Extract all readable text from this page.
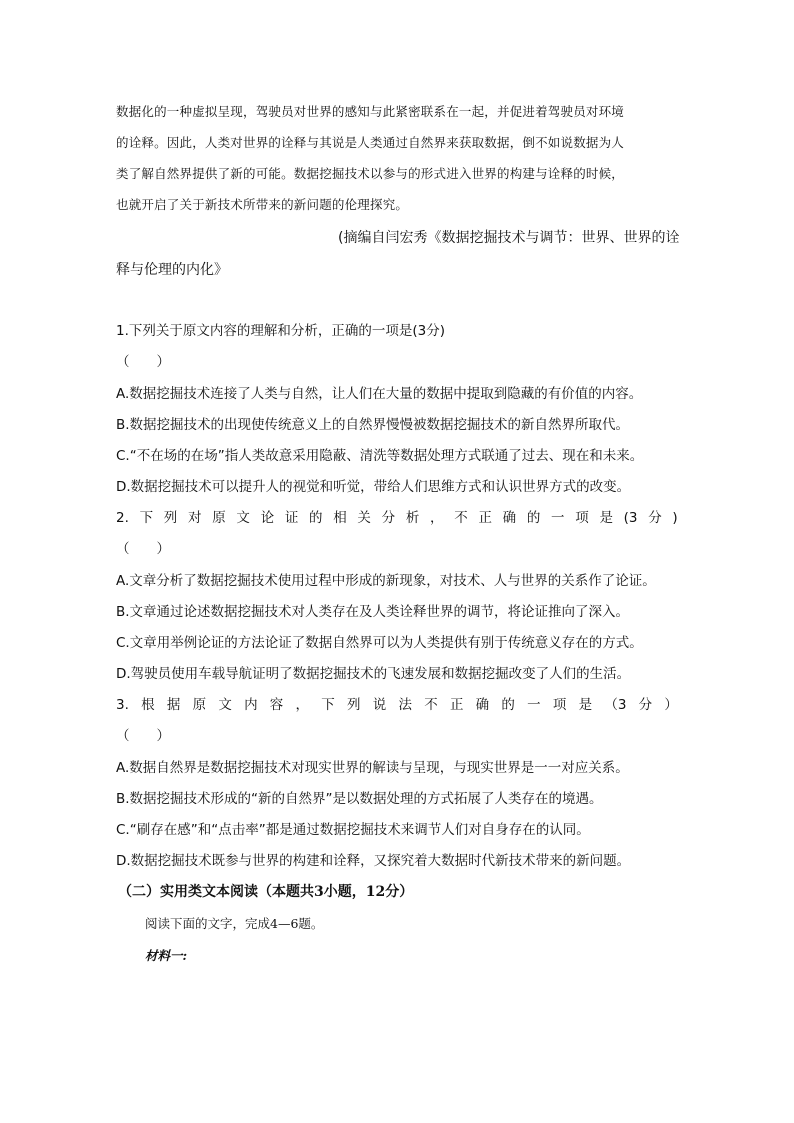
数据化的一种虚拟呈现，驾驶员对世界的感知与此紧密联系在一起，并促进着驾驶员对环境
的诠释。因此，人类对世界的诠释与其说是人类通过自然界来获取数据，倒不如说数据为人
类了解自然界提供了新的可能。数据挖掘技术以参与的形式进入世界的构建与诠释的时候，
也就开启了关于新技术所带来的新问题的伦理探究。
(摘编自闫宏秀《数据挖掘技术与调节：世界、世界的诠
释与伦理的内化》
1.下列关于原文内容的理解和分析，正确的一项是(3分)
（　　）
A.数据挖掘技术连接了人类与自然，让人们在大量的数据中提取到隐藏的有价值的内容。
B.数据挖掘技术的出现使传统意义上的自然界慢慢被数据挖掘技术的新自然界所取代。
C.“不在场的在场”指人类故意采用隐蔽、清洗等数据处理方式联通了过去、现在和未来。
D.数据挖掘技术可以提升人的视觉和听觉，带给人们思维方式和认识世界方式的改变。
2. 下 列 对 原 文 论 证 的 相 关 分 析 ， 不 正 确 的 一 项 是 (3 分 )
（　　）
A.文章分析了数据挖掘技术使用过程中形成的新现象，对技术、人与世界的关系作了论证。
B.文章通过论述数据挖掘技术对人类存在及人类诠释世界的调节，将论证推向了深入。
C.文章用举例论证的方法论证了数据自然界可以为人类提供有别于传统意义存在的方式。
D.驾驶员使用车载导航证明了数据挖掘技术的飞速发展和数据挖掘改变了人们的生活。
3. 根 据 原 文 内 容 ， 下 列 说 法 不 正 确 的 一 项 是 （3 分 ）
（　　）
A.数据自然界是数据挖掘技术对现实世界的解读与呈现，与现实世界是一一对应关系。
B.数据挖掘技术形成的“新的自然界”是以数据处理的方式拓展了人类存在的境遇。
C.“刷存在感”和“点击率”都是通过数据挖掘技术来调节人们对自身存在的认同。
D.数据挖掘技术既参与世界的构建和诠释，又探究着大数据时代新技术带来的新问题。
（二）实用类文本阅读（本题共3小题，12分）
阅读下面的文字，完成4—6题。
材料一:
